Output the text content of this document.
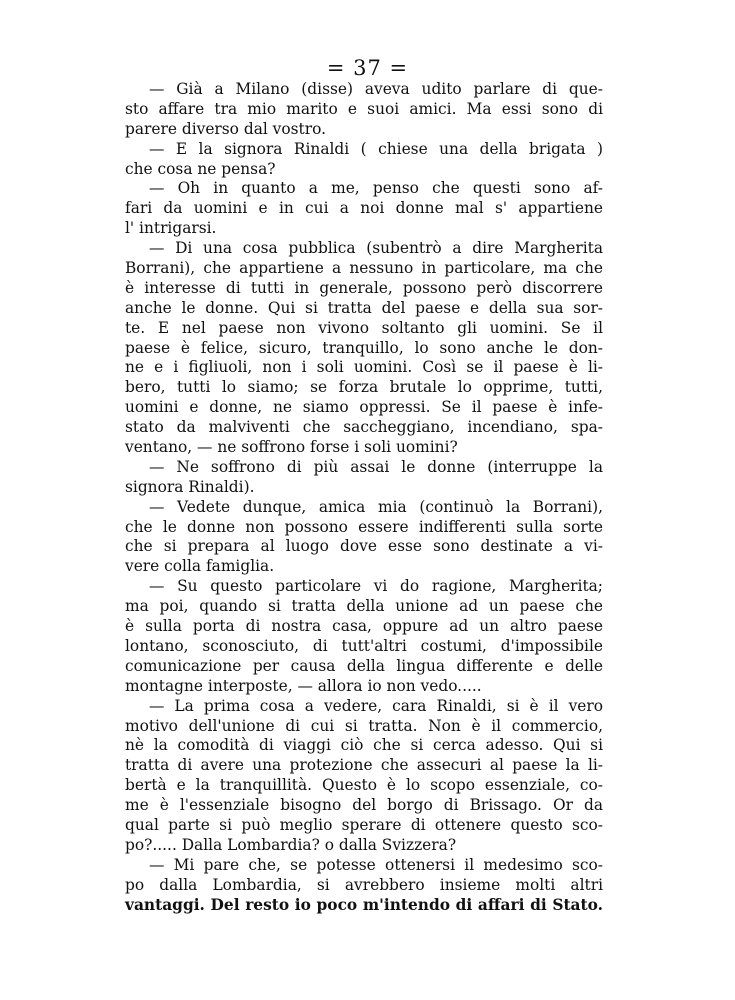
= 37 =
— Già a Milano (disse) aveva udito parlare di que-
sto affare tra mio marito e suoi amici. Ma essi sono di
parere diverso dal vostro.
— E la signora Rinaldi ( chiese una della brigata )
che cosa ne pensa?
— Oh in quanto a me, penso che questi sono af-
fari da uomini e in cui a noi donne mal s' appartiene
l' intrigarsi.
— Di una cosa pubblica (subentrò a dire Margherita
Borrani), che appartiene a nessuno in particolare, ma che
è interesse di tutti in generale, possono però discorrere
anche le donne. Qui si tratta del paese e della sua sor-
te. E nel paese non vivono soltanto gli uomini. Se il
paese è felice, sicuro, tranquillo, lo sono anche le don-
ne e i figliuoli, non i soli uomini. Così se il paese è li-
bero, tutti lo siamo; se forza brutale lo opprime, tutti,
uomini e donne, ne siamo oppressi. Se il paese è infe-
stato da malviventi che saccheggiano, incendiano, spa-
ventano, — ne soffrono forse i soli uomini?
— Ne soffrono di più assai le donne (interruppe la
signora Rinaldi).
— Vedete dunque, amica mia (continuò la Borrani),
che le donne non possono essere indifferenti sulla sorte
che si prepara al luogo dove esse sono destinate a vi-
vere colla famiglia.
— Su questo particolare vi do ragione, Margherita;
ma poi, quando si tratta della unione ad un paese che
è sulla porta di nostra casa, oppure ad un altro paese
lontano, sconosciuto, di tutt'altri costumi, d'impossibile
comunicazione per causa della lingua differente e delle
montagne interposte, — allora io non vedo.....
— La prima cosa a vedere, cara Rinaldi, si è il vero
motivo dell'unione di cui si tratta. Non è il commercio,
nè la comodità di viaggi ciò che si cerca adesso. Qui si
tratta di avere una protezione che assecuri al paese la li-
bertà e la tranquillità. Questo è lo scopo essenziale, co-
me è l'essenziale bisogno del borgo di Brissago. Or da
qual parte si può meglio sperare di ottenere questo sco-
po?..... Dalla Lombardia? o dalla Svizzera?
— Mi pare che, se potesse ottenersi il medesimo sco-
po dalla Lombardia, si avrebbero insieme molti altri
vantaggi. Del resto io poco m'intendo di affari di Stato.
